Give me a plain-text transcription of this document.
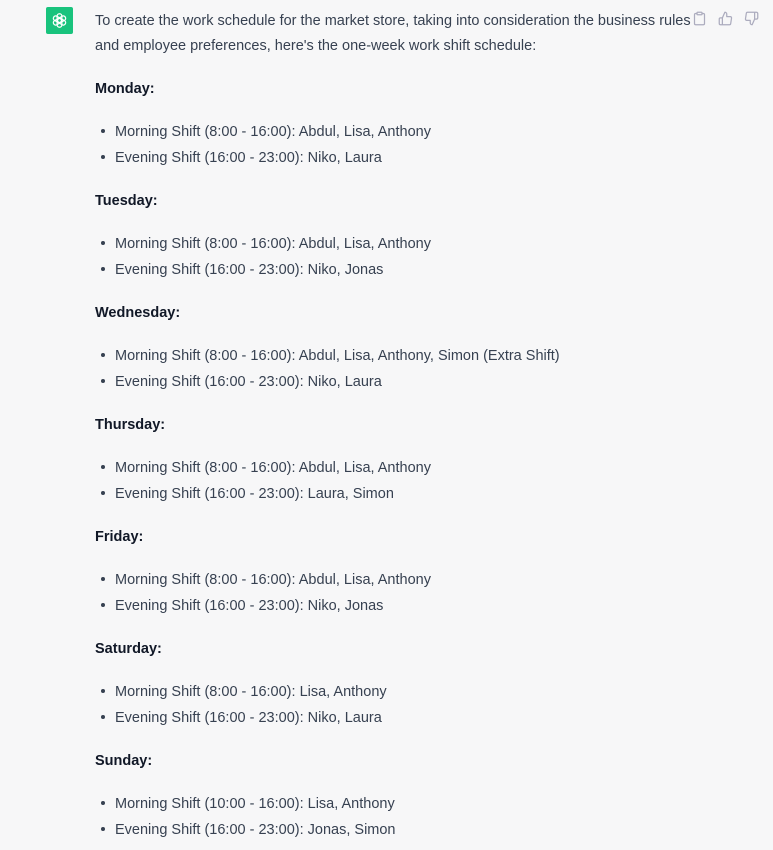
To create the work schedule for the market store, taking into consideration the business rules and employee preferences, here's the one-week work shift schedule:

Monday:

Morning Shift (8:00 - 16:00): Abdul, Lisa, Anthony
Evening Shift (16:00 - 23:00): Niko, Laura

Tuesday:

Morning Shift (8:00 - 16:00): Abdul, Lisa, Anthony
Evening Shift (16:00 - 23:00): Niko, Jonas

Wednesday:

Morning Shift (8:00 - 16:00): Abdul, Lisa, Anthony, Simon (Extra Shift)
Evening Shift (16:00 - 23:00): Niko, Laura

Thursday:

Morning Shift (8:00 - 16:00): Abdul, Lisa, Anthony
Evening Shift (16:00 - 23:00): Laura, Simon

Friday:

Morning Shift (8:00 - 16:00): Abdul, Lisa, Anthony
Evening Shift (16:00 - 23:00): Niko, Jonas

Saturday:

Morning Shift (8:00 - 16:00): Lisa, Anthony
Evening Shift (16:00 - 23:00): Niko, Laura

Sunday:

Morning Shift (10:00 - 16:00): Lisa, Anthony
Evening Shift (16:00 - 23:00): Jonas, Simon
